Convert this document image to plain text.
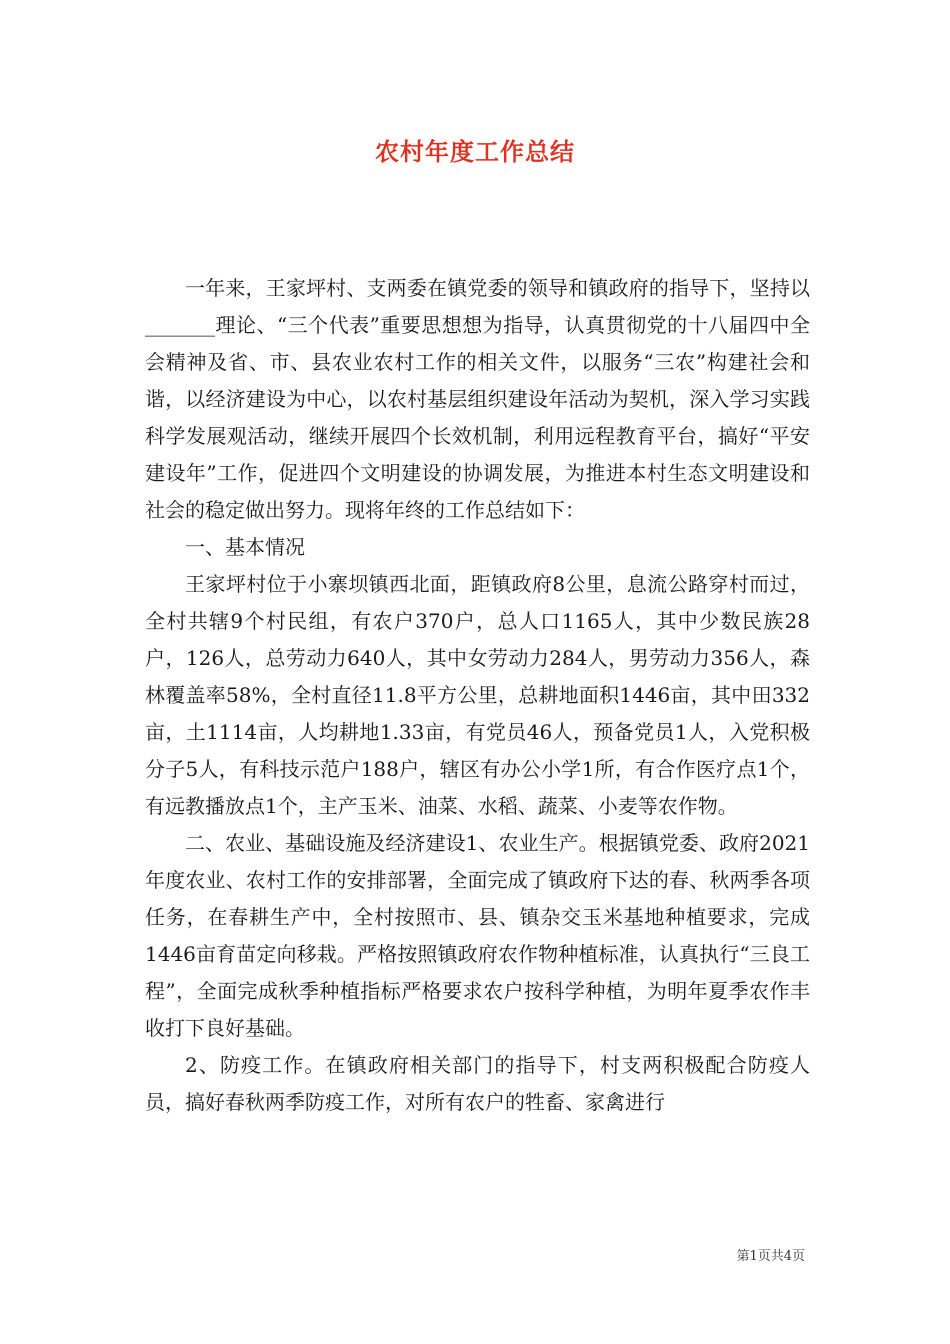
农村年度工作总结

一年来，王家坪村、支两委在镇党委的领导和镇政府的指导下，坚持以_______理论、“三个代表”重要思想想为指导，认真贯彻党的十八届四中全会精神及省、市、县农业农村工作的相关文件，以服务“三农”构建社会和谐，以经济建设为中心，以农村基层组织建设年活动为契机，深入学习实践科学发展观活动，继续开展四个长效机制，利用远程教育平台，搞好“平安建设年”工作，促进四个文明建设的协调发展，为推进本村生态文明建设和社会的稳定做出努力。现将年终的工作总结如下：

一、基本情况

王家坪村位于小寨坝镇西北面，距镇政府8公里，息流公路穿村而过，全村共辖9个村民组，有农户370户，总人口1165人，其中少数民族28户，126人，总劳动力640人，其中女劳动力284人，男劳动力356人，森林覆盖率58%，全村直径11.8平方公里，总耕地面积1446亩，其中田332亩，土1114亩，人均耕地1.33亩，有党员46人，预备党员1人，入党积极分子5人，有科技示范户188户，辖区有办公小学1所，有合作医疗点1个，有远教播放点1个，主产玉米、油菜、水稻、蔬菜、小麦等农作物。

二、农业、基础设施及经济建设1、农业生产。根据镇党委、政府2021年度农业、农村工作的安排部署，全面完成了镇政府下达的春、秋两季各项任务，在春耕生产中，全村按照市、县、镇杂交玉米基地种植要求，完成1446亩育苗定向移栽。严格按照镇政府农作物种植标准，认真执行“三良工程”，全面完成秋季种植指标严格要求农户按科学种植，为明年夏季农作丰收打下良好基础。

2、防疫工作。在镇政府相关部门的指导下，村支两积极配合防疫人员，搞好春秋两季防疫工作，对所有农户的牲畜、家禽进行

第1页共4页
